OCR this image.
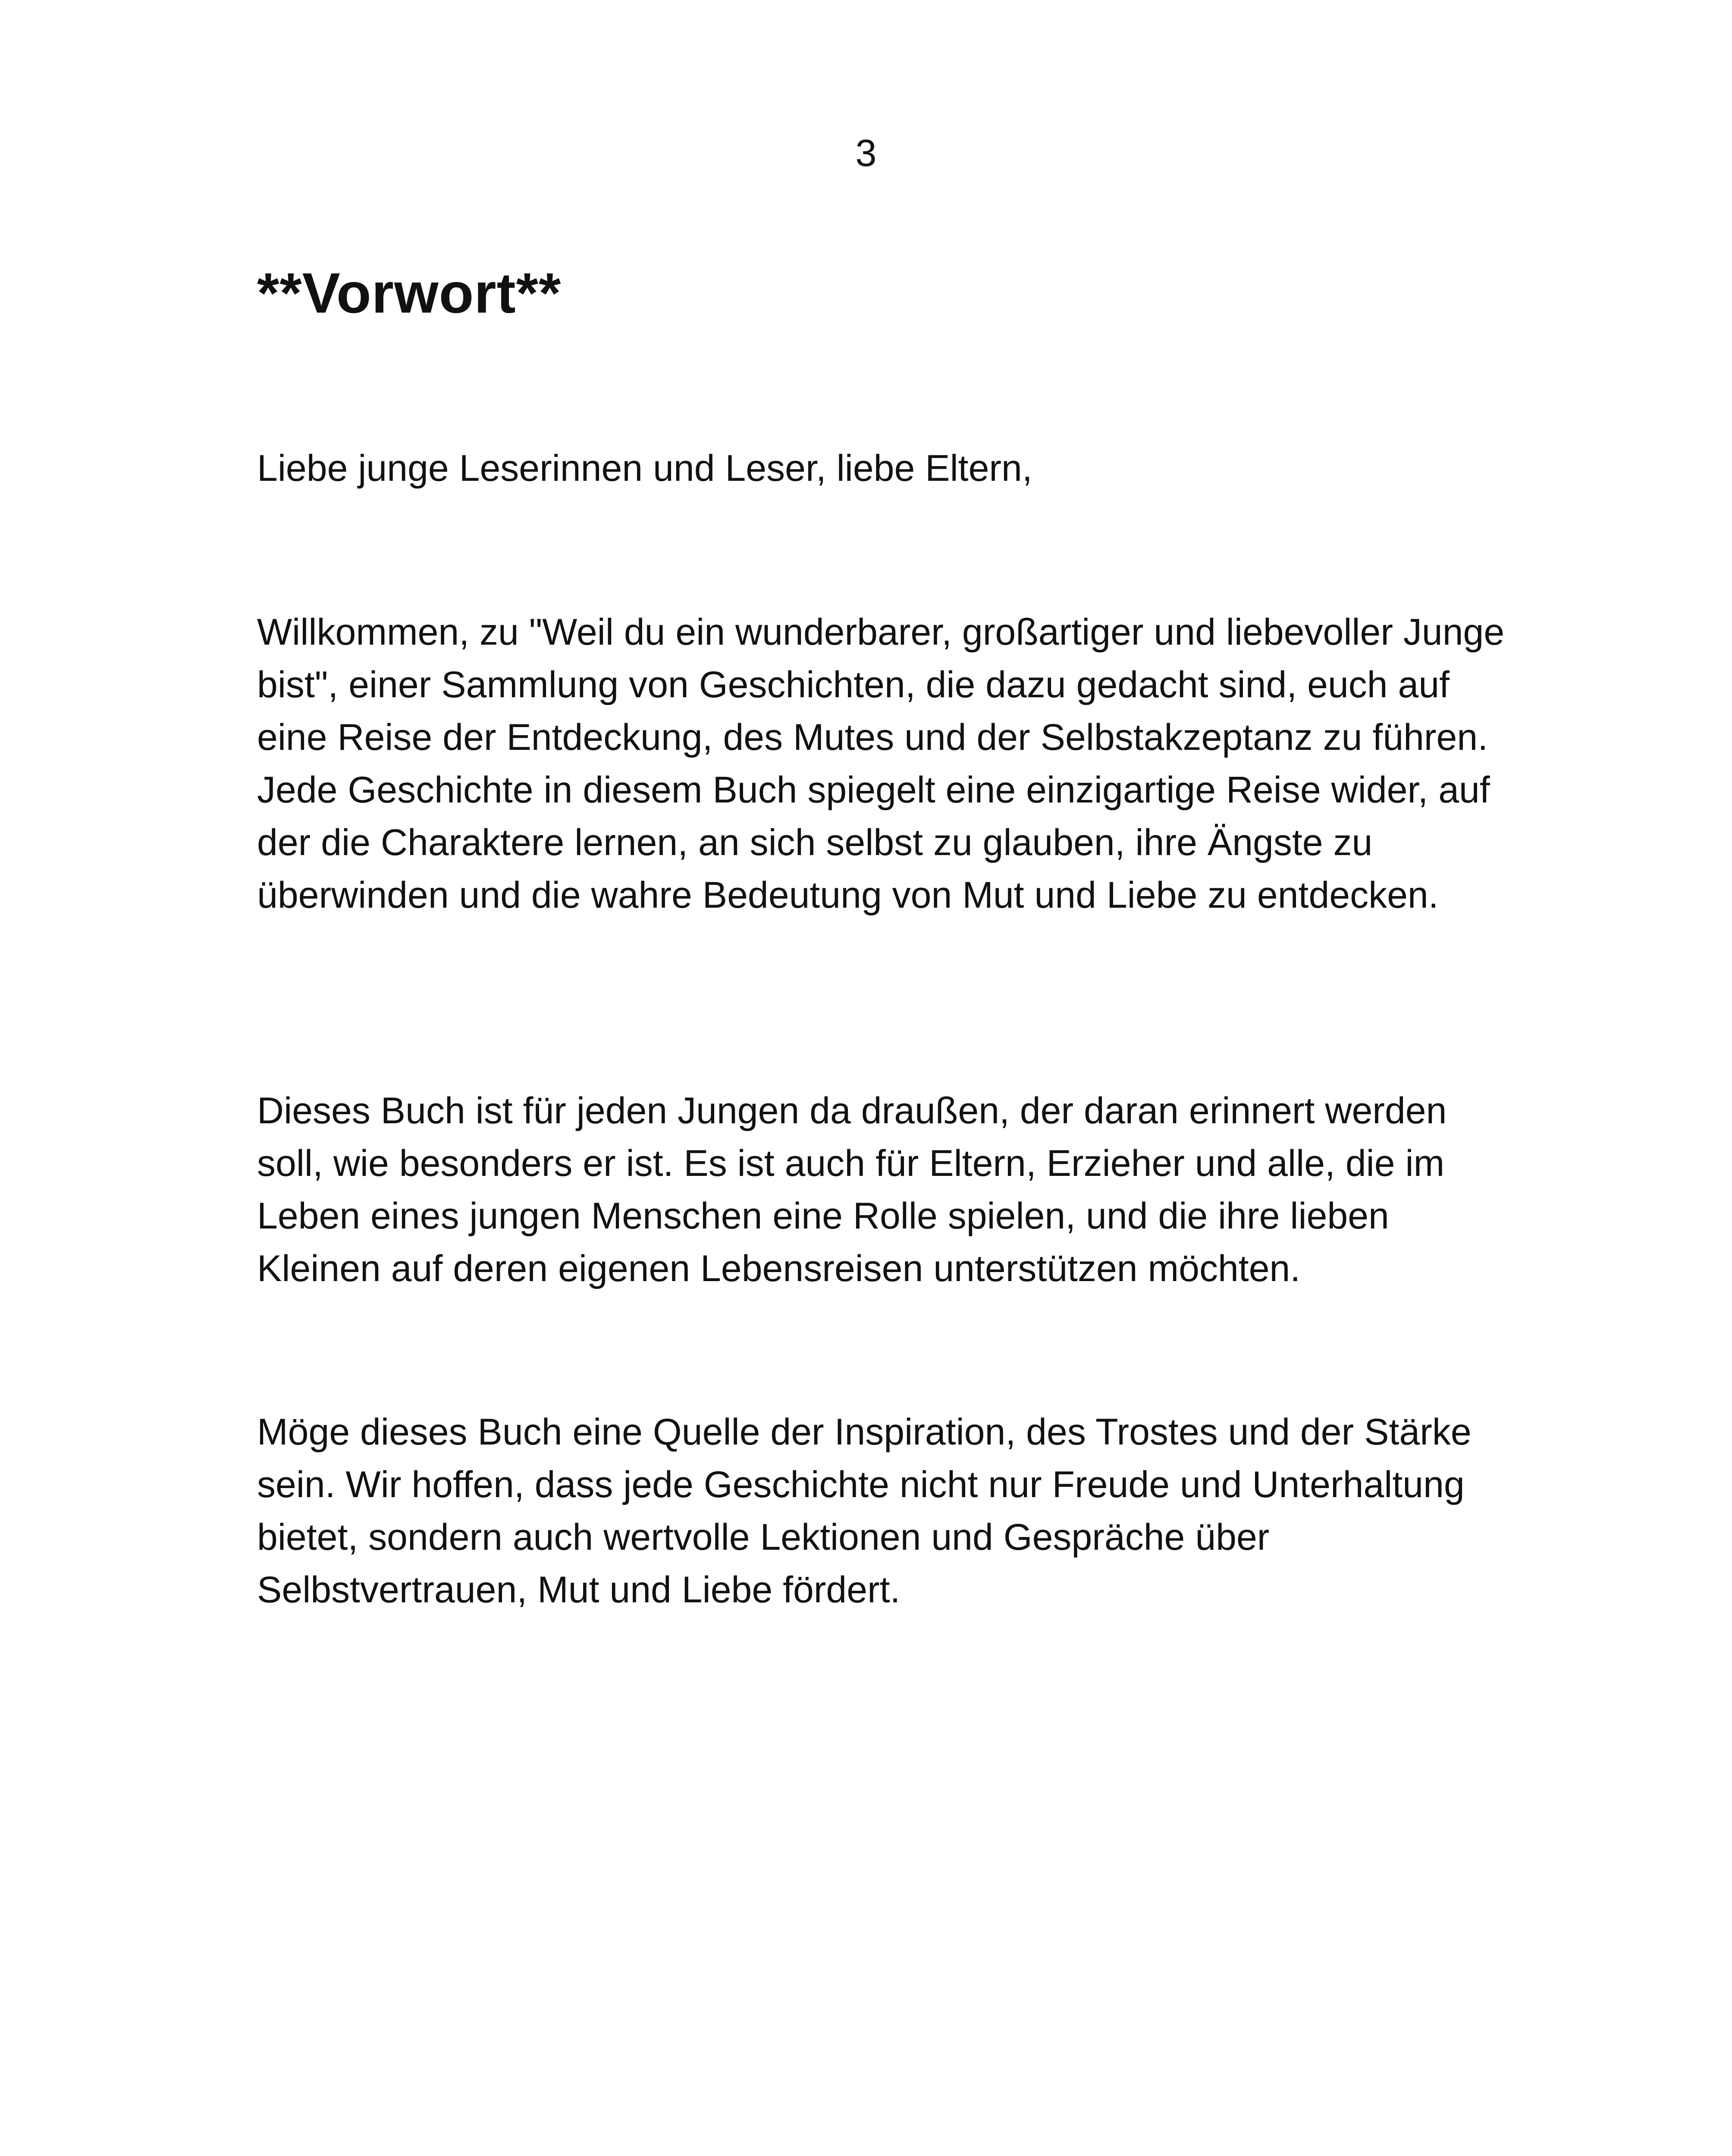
3

**Vorwort**

Liebe junge Leserinnen und Leser, liebe Eltern,

Willkommen, zu "Weil du ein wunderbarer, großartiger und liebevoller Junge bist", einer Sammlung von Geschichten, die dazu gedacht sind, euch auf eine Reise der Entdeckung, des Mutes und der Selbstakzeptanz zu führen. Jede Geschichte in diesem Buch spiegelt eine einzigartige Reise wider, auf der die Charaktere lernen, an sich selbst zu glauben, ihre Ängste zu überwinden und die wahre Bedeutung von Mut und Liebe zu entdecken.

Dieses Buch ist für jeden Jungen da draußen, der daran erinnert werden soll, wie besonders er ist. Es ist auch für Eltern, Erzieher und alle, die im Leben eines jungen Menschen eine Rolle spielen, und die ihre lieben Kleinen auf deren eigenen Lebensreisen unterstützen möchten.

Möge dieses Buch eine Quelle der Inspiration, des Trostes und der Stärke sein. Wir hoffen, dass jede Geschichte nicht nur Freude und Unterhaltung bietet, sondern auch wertvolle Lektionen und Gespräche über Selbstvertrauen, Mut und Liebe fördert.
